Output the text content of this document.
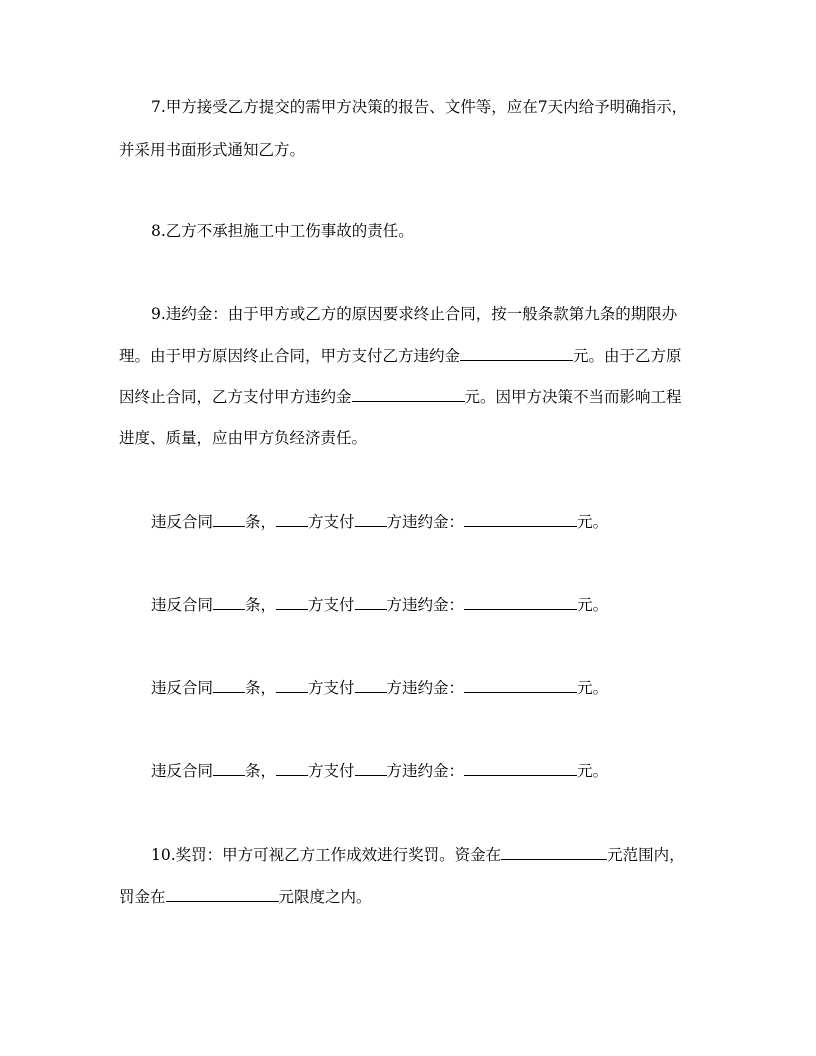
7.甲方接受乙方提交的需甲方决策的报告、文件等，应在7天内给予明确指示，
并采用书面形式通知乙方。
8.乙方不承担施工中工伤事故的责任。
9.违约金：由于甲方或乙方的原因要求终止合同，按一般条款第九条的期限办
理。由于甲方原因终止合同，甲方支付乙方违约金	元。由于乙方原
因终止合同，乙方支付甲方违约金	元。因甲方决策不当而影响工程
进度、质量，应由甲方负经济责任。
违反合同 条， 方支付 方违约金：	元。
违反合同 条， 方支付 方违约金：	元。
违反合同 条， 方支付 方违约金：	元。
违反合同 条， 方支付 方违约金：	元。
10.奖罚：甲方可视乙方工作成效进行奖罚。资金在	元范围内，
罚金在	元限度之内。
